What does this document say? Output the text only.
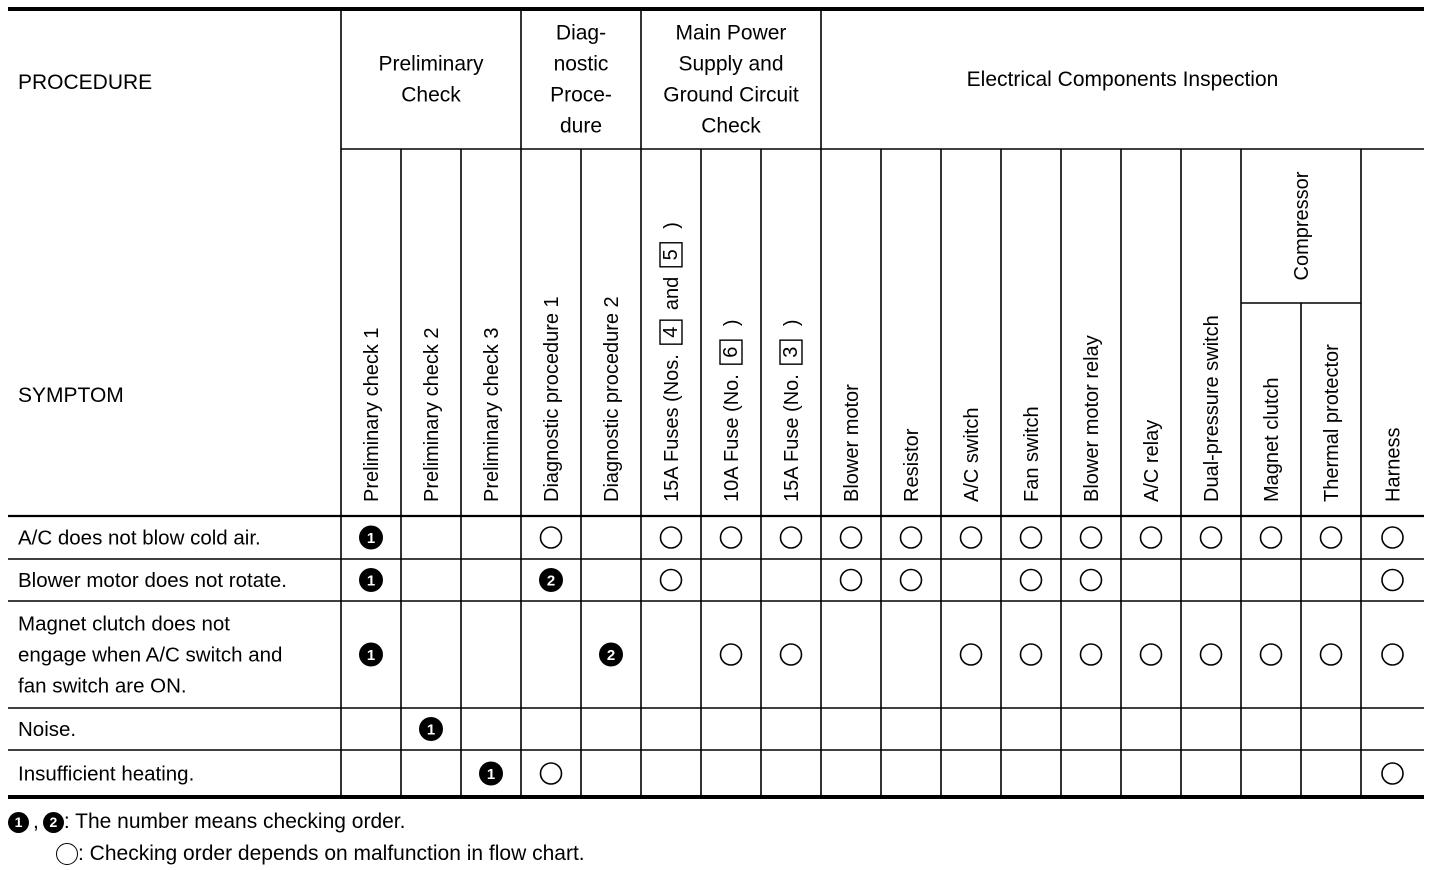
PROCEDURE
SYMPTOM
Preliminary
Check
Diag-
nostic
Proce-
dure
Main Power
Supply and
Ground Circuit
Check
Electrical Components Inspection
Compressor
Preliminary check 1 Preliminary check 2 Preliminary check 3 Diagnostic procedure 1 Diagnostic procedure 2 15A Fuses (Nos.
4
and
5
)
10A Fuse (No.
6
)
15A Fuse (No.
3
)
Blower motor Resistor A/C switch Fan switch Blower motor relay A/C relay Dual-pressure switch Magnet clutch Thermal protector Harness
A/C does not blow cold air.
Blower motor does not rotate.
Magnet clutch does not
engage when A/C switch and
fan switch are ON.
Noise.
Insufficient heating.
1
1	2
1	2
1
1
1 , 2 : The number means checking order.
: Checking order depends on malfunction in flow chart.
